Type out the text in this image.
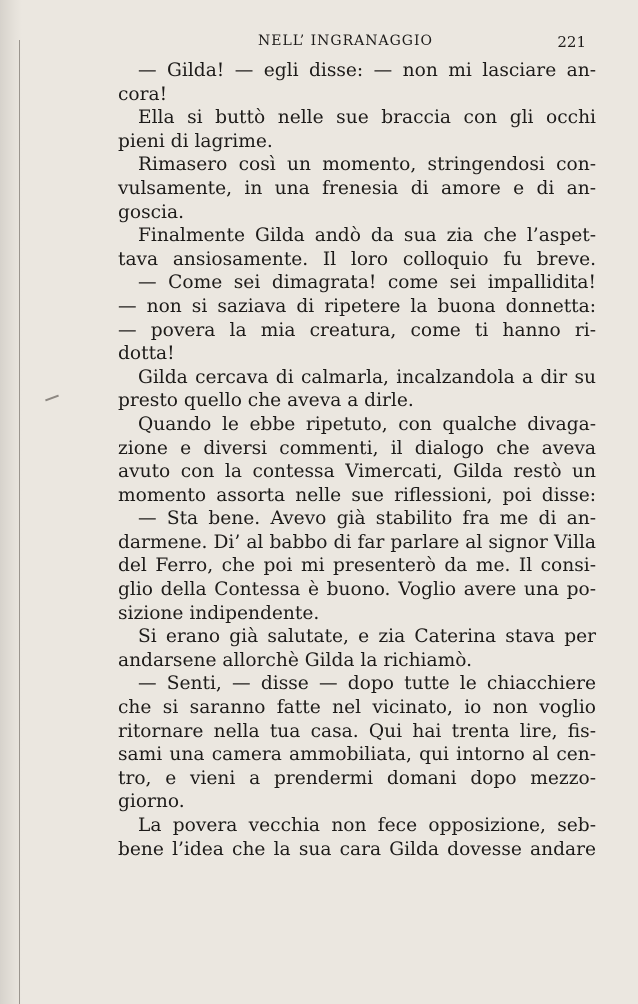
NELL’ INGRANAGGIO	221

— Gilda! — egli disse: — non mi lasciare an-

cora!

Ella si buttò nelle sue braccia con gli occhi

pieni di lagrime.

Rimasero così un momento, stringendosi con-

vulsamente, in una frenesia di amore e di an-

goscia.

Finalmente Gilda andò da sua zia che l’aspet-

tava ansiosamente. Il loro colloquio fu breve.

— Come sei dimagrata! come sei impallidita!

— non si saziava di ripetere la buona donnetta:

— povera la mia creatura, come ti hanno ri-

dotta!

Gilda cercava di calmarla, incalzandola a dir su

presto quello che aveva a dirle.

Quando le ebbe ripetuto, con qualche divaga-

zione e diversi commenti, il dialogo che aveva

avuto con la contessa Vimercati, Gilda restò un

momento assorta nelle sue riflessioni, poi disse:

— Sta bene. Avevo già stabilito fra me di an-

darmene. Di’ al babbo di far parlare al signor Villa

del Ferro, che poi mi presenterò da me. Il consi-

glio della Contessa è buono. Voglio avere una po-

sizione indipendente.

Si erano già salutate, e zia Caterina stava per

andarsene allorchè Gilda la richiamò.

— Senti, — disse — dopo tutte le chiacchiere

che si saranno fatte nel vicinato, io non voglio

ritornare nella tua casa. Qui hai trenta lire, fis-

sami una camera ammobiliata, qui intorno al cen-

tro, e vieni a prendermi domani dopo mezzo-

giorno.

La povera vecchia non fece opposizione, seb-

bene l’idea che la sua cara Gilda dovesse andare
